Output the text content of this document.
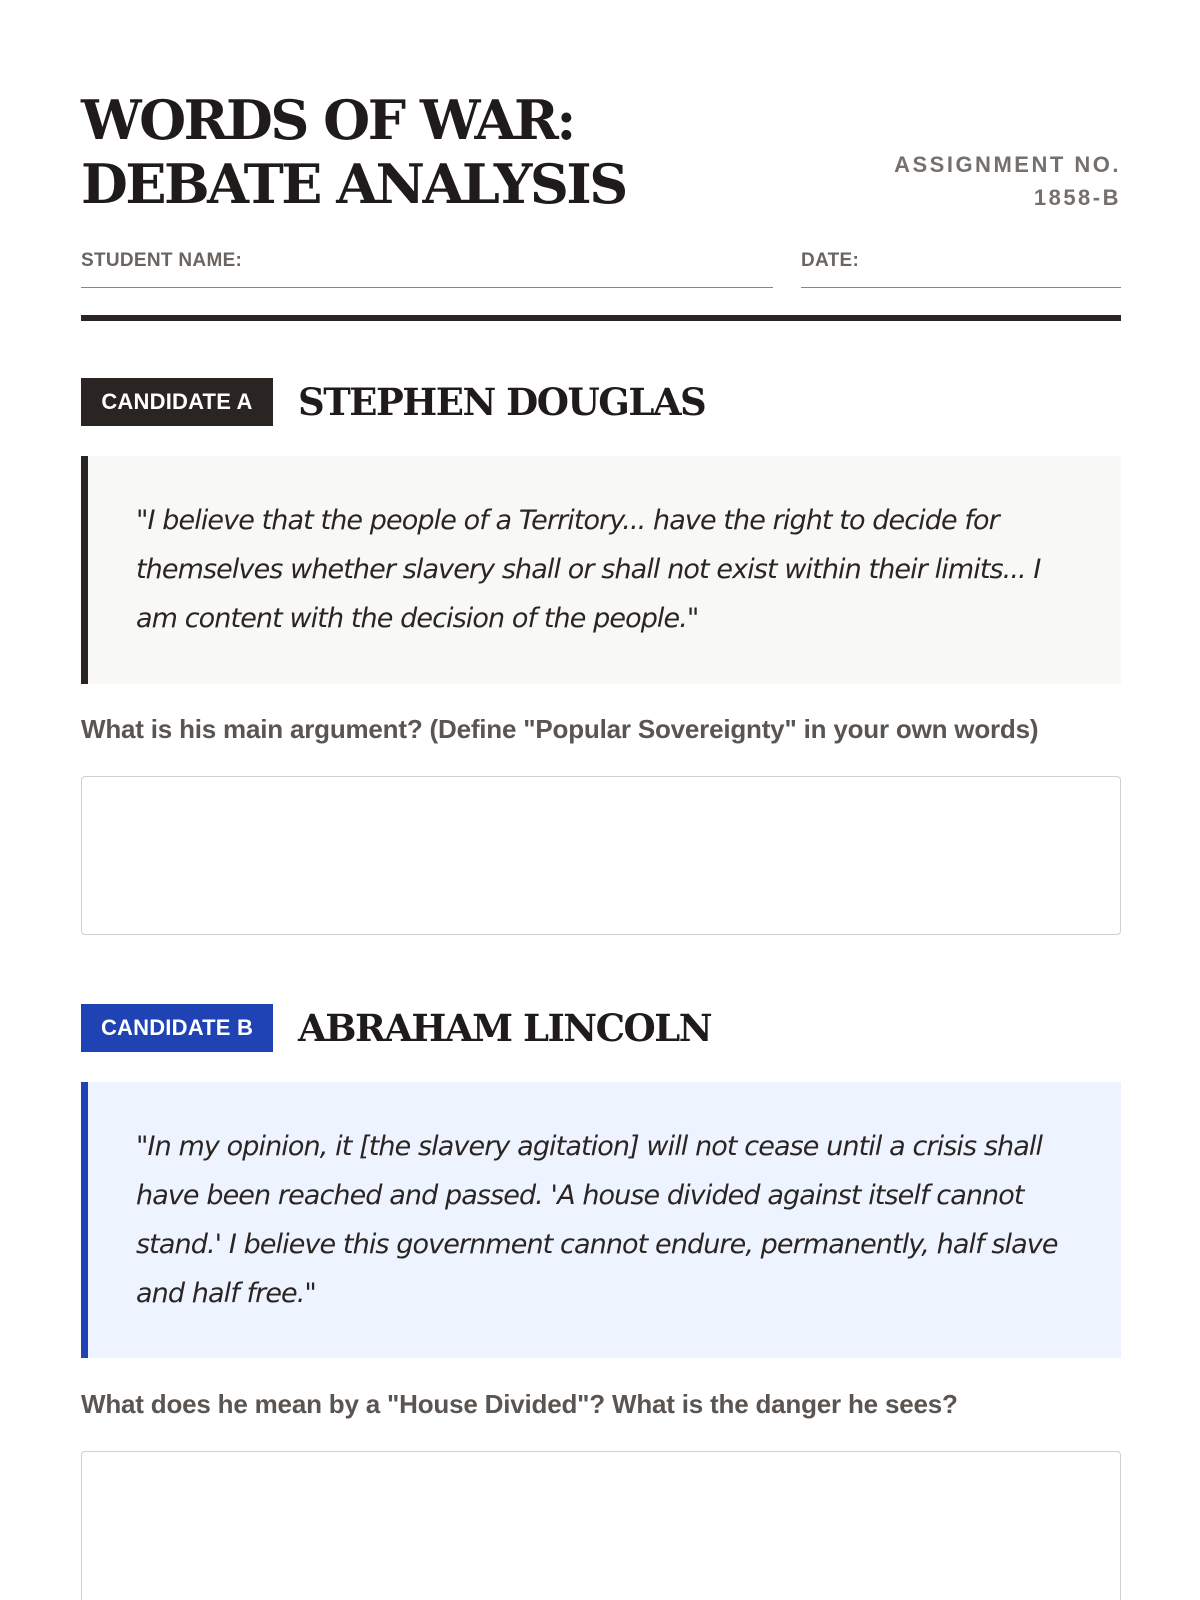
WORDS OF WAR: DEBATE ANALYSIS	ASSIGNMENT NO.
1858-B
STUDENT NAME:	DATE:
CANDIDATE A	STEPHEN DOUGLAS
"I believe that the people of a Territory... have the right to decide for themselves whether slavery shall or shall not exist within their limits... I am content with the decision of the people."
What is his main argument? (Define "Popular Sovereignty" in your own words)
CANDIDATE B	ABRAHAM LINCOLN
"In my opinion, it [the slavery agitation] will not cease until a crisis shall have been reached and passed. 'A house divided against itself cannot stand.' I believe this government cannot endure, permanently, half slave and half free."
What does he mean by a "House Divided"? What is the danger he sees?
